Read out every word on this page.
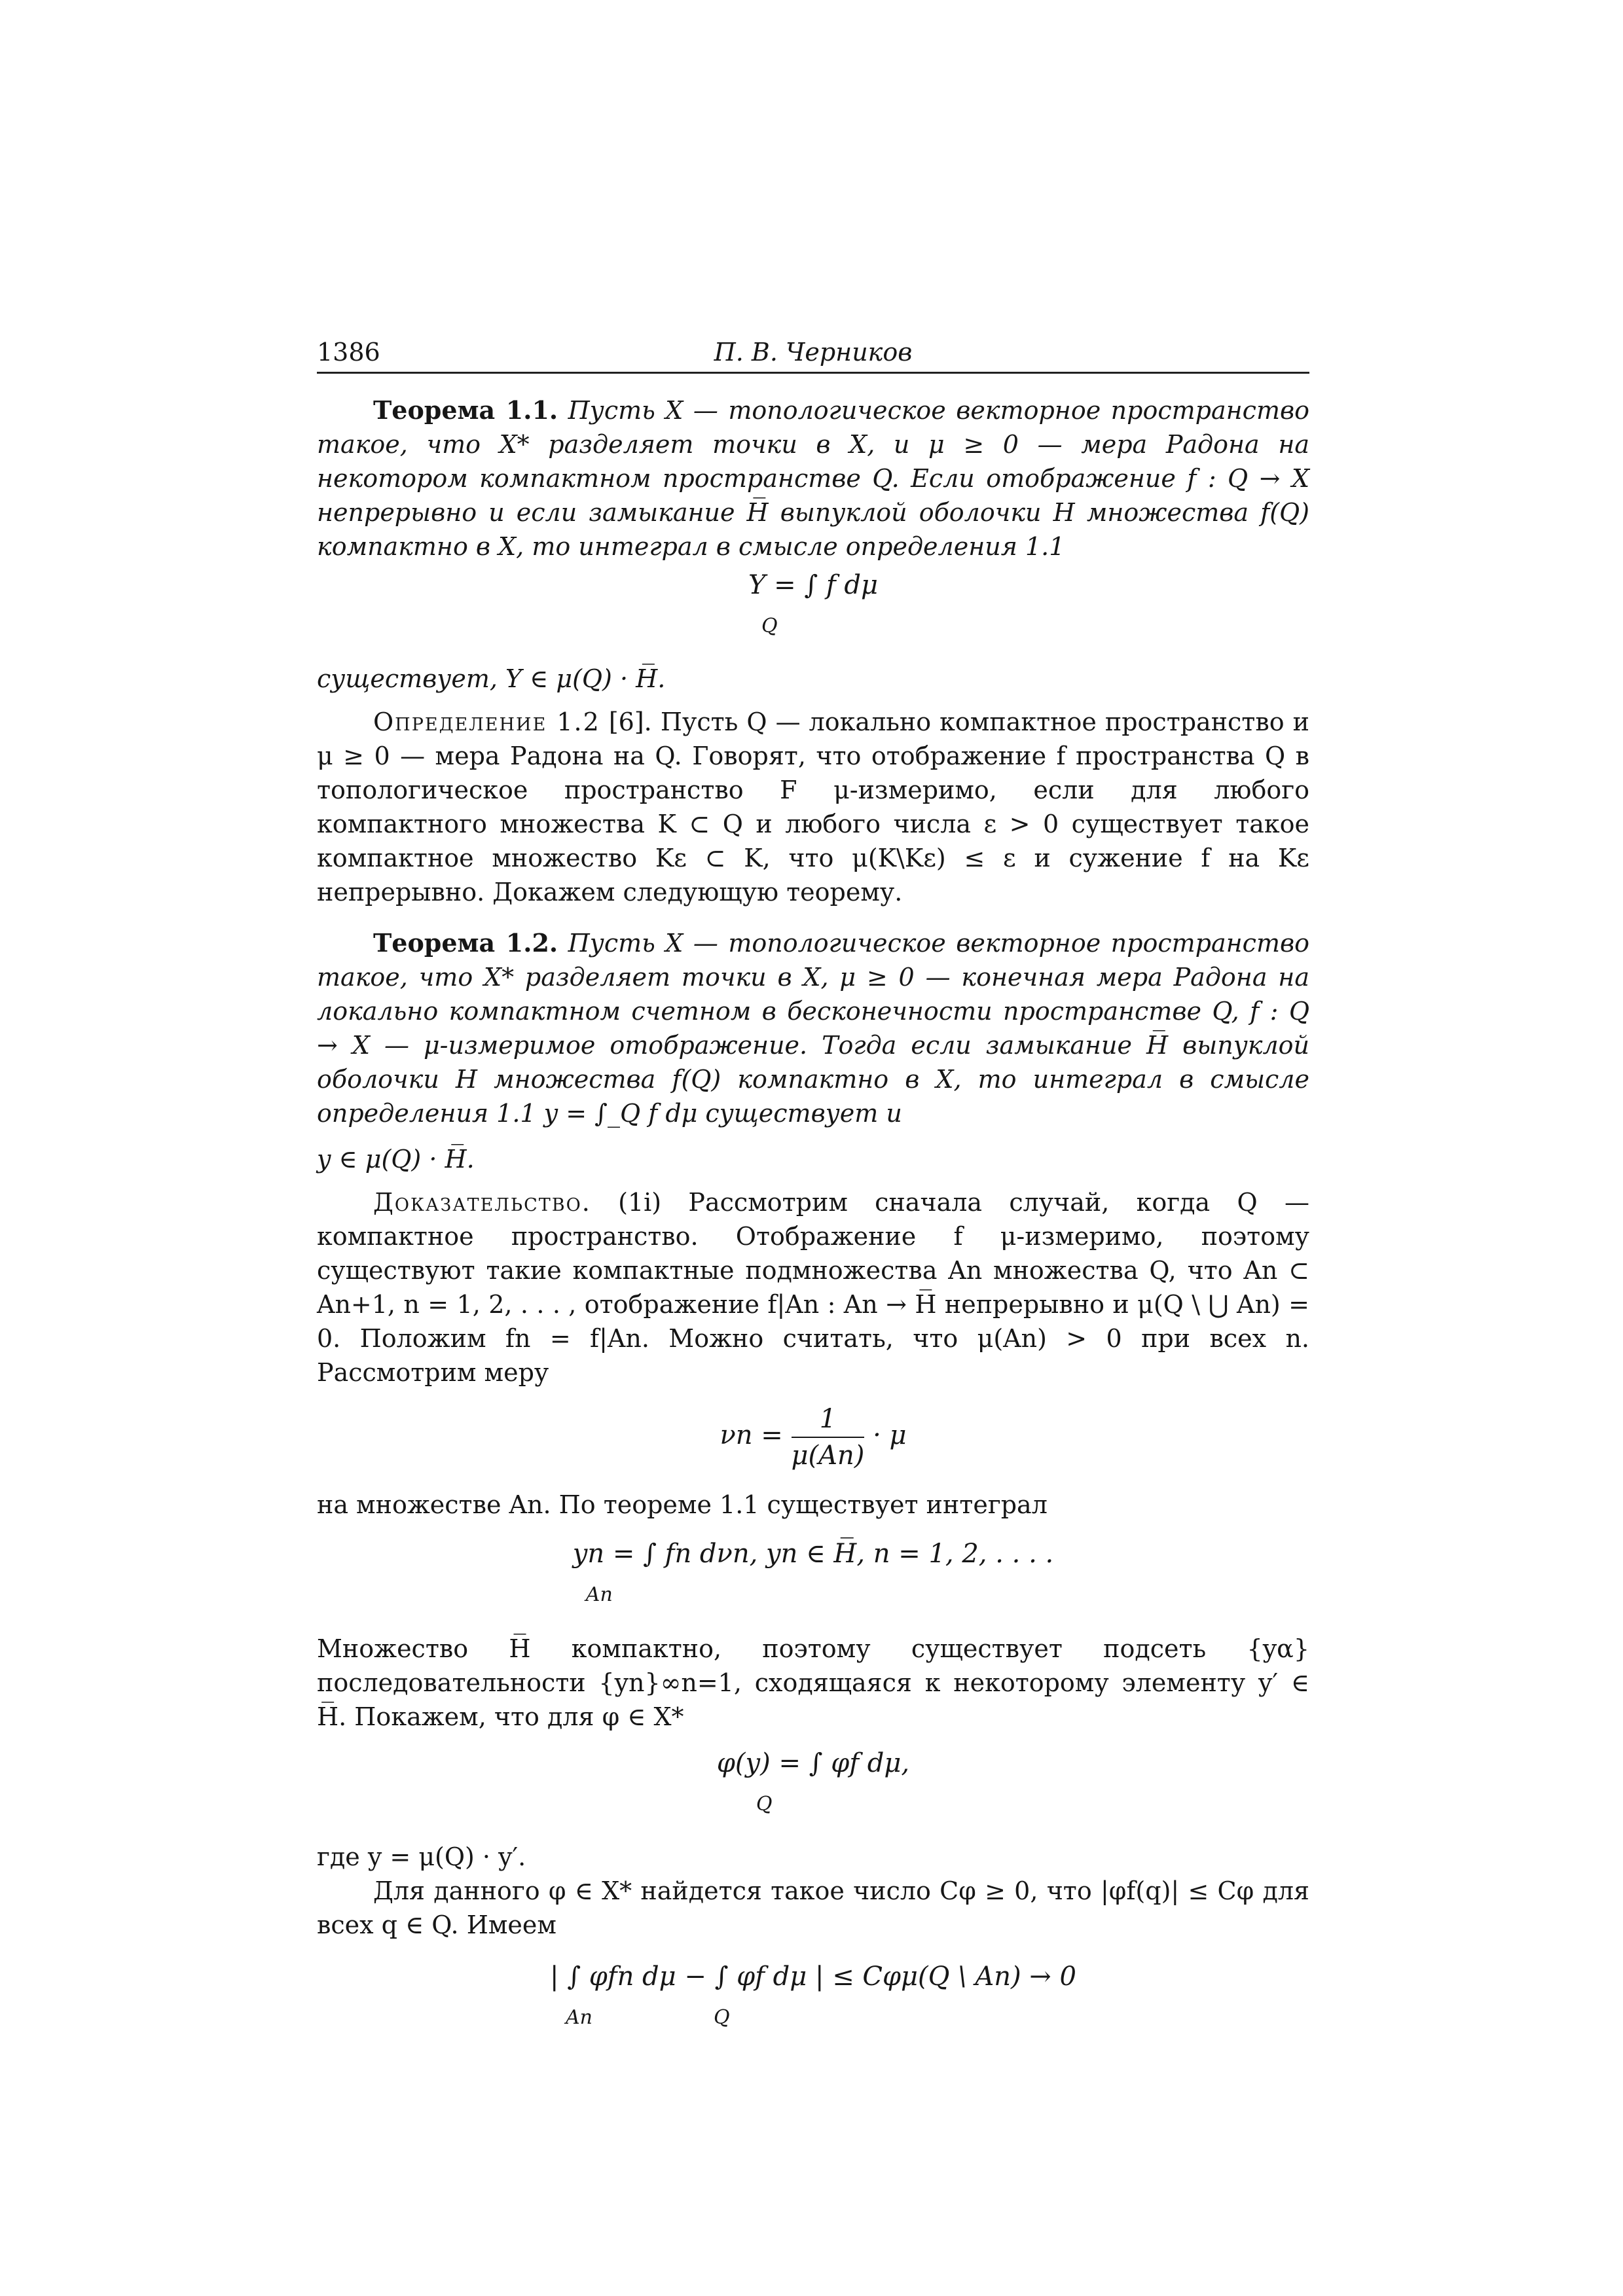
1386	П. В. Черников

Теорема 1.1. Пусть X — топологическое векторное пространство такое, что X* разделяет точки в X, и μ ≥ 0 — мера Радона на некотором компактном пространстве Q. Если отображение f : Q → X непрерывно и если замыкание H̅ выпуклой оболочки H множества f(Q) компактно в X, то интеграл в смысле определения 1.1

Y = ∫ f dμ
Q

существует, Y ∈ μ(Q) · H̅.

Определение 1.2 [6]. Пусть Q — локально компактное пространство и μ ≥ 0 — мера Радона на Q. Говорят, что отображение f пространства Q в топологическое пространство F μ-измеримо, если для любого компактного множества K ⊂ Q и любого числа ε > 0 существует такое компактное множество Kε ⊂ K, что μ(K\Kε) ≤ ε и сужение f на Kε непрерывно. Докажем следующую теорему.

Теорема 1.2. Пусть X — топологическое векторное пространство такое, что X* разделяет точки в X, μ ≥ 0 — конечная мера Радона на локально компактном счетном в бесконечности пространстве Q, f : Q → X — μ-измеримое отображение. Тогда если замыкание H̅ выпуклой оболочки H множества f(Q) компактно в X, то интеграл в смысле определения 1.1 y = ∫_Q f dμ существует и

y ∈ μ(Q) · H̅.

Доказательство. (1i) Рассмотрим сначала случай, когда Q — компактное пространство. Отображение f μ-измеримо, поэтому существуют такие компактные подмножества An множества Q, что An ⊂ An+1, n = 1, 2, . . . , отображение f|An : An → H̅ непрерывно и μ(Q \ ⋃ An) = 0. Положим fn = f|An. Можно считать, что μ(An) > 0 при всех n. Рассмотрим меру

$\nu n = \frac{1}{\mu(An)} \cdot \mu$

на множестве An. По теореме 1.1 существует интеграл

yn = ∫ fn dνn, yn ∈ H̅, n = 1, 2, . . . .
An

Множество H̅ компактно, поэтому существует подсеть {yα} последовательности {yn}∞n=1, сходящаяся к некоторому элементу y′ ∈ H̅. Покажем, что для φ ∈ X*

φ(y) = ∫ φf dμ,
Q

где y = μ(Q) · y′.

Для данного φ ∈ X* найдется такое число Cφ ≥ 0, что |φf(q)| ≤ Cφ для всех q ∈ Q. Имеем

| ∫ φfn dμ − ∫ φf dμ | ≤ Cφμ(Q \ An) → 0
An	Q
